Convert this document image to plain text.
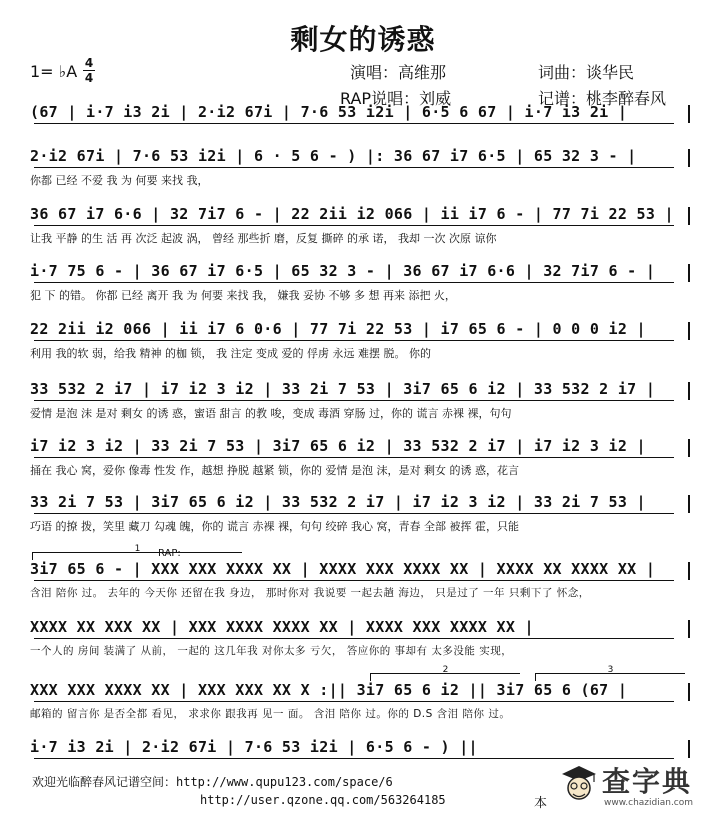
剩女的诱惑
1= ♭A 4
4	演唱：高维那
RAP说唱：刘威
词曲：谈华民
记谱：桃李醉春风
(67 | i·7 i3 2i | 2·i2 67i | 7·6 53 i2i | 6·5 6 67 | i·7 i3 2i |
2·i2 67i | 7·6 53 i2i | 6 · 5 6 - ) |: 36 67 i7 6·5 | 65 32 3 - |
你都 已经 不爱 我 为 何要 来找 我，
36 67 i7 6·6 | 32 7i7 6 - | 22 2ii i2 066 | ii i7 6 - | 77 7i 22 53 |
让我 平静 的生 活 再 次泛 起波 涡， 曾经 那些折 磨，反复 撕碎 的承 诺， 我却 一次 次原 谅你
i·7 75 6 - | 36 67 i7 6·5 | 65 32 3 - | 36 67 i7 6·6 | 32 7i7 6 - |
犯 下 的错。 你都 已经 离开 我 为 何要 来找 我， 嫌我 妥协 不够 多 想 再来 添把 火，
22 2ii i2 066 | ii i7 6 0·6 | 77 7i 22 53 | i7 65 6 - | 0 0 0 i2 |
利用 我的软 弱，给我 精神 的枷 锁， 我 注定 变成 爱的 俘虏 永远 难摆 脱。 你的
33 532 2 i7 | i7 i2 3 i2 | 33 2i 7 53 | 3i7 65 6 i2 | 33 532 2 i7 |
爱情 是泡 沫 是对 剩女 的诱 惑，蜜语 甜言 的教 唆，变成 毒酒 穿肠 过，你的 谎言 赤裸 裸，句句
i7 i2 3 i2 | 33 2i 7 53 | 3i7 65 6 i2 | 33 532 2 i7 | i7 i2 3 i2 |
捅在 我心 窝，爱你 像毒 性发 作，越想 挣脱 越紧 锁，你的 爱情 是泡 沫，是对 剩女 的诱 惑，花言
33 2i 7 53 | 3i7 65 6 i2 | 33 532 2 i7 | i7 i2 3 i2 | 33 2i 7 53 |
巧语 的撩 拨，笑里 藏刀 勾魂 魄，你的 谎言 赤裸 裸，句句 绞碎 我心 窝，青春 全部 被挥 霍，只能
3i7 65 6 - | XXX XXX XXXX XX | XXXX XXX XXXX XX | XXXX XX XXXX XX |
含泪 陪你 过。 去年的 今天你 还留在我 身边， 那时你对 我说要 一起去趟 海边， 只是过了 一年 只剩下了 怀念，
RAP:
1
XXXX XX XXX XX | XXX XXXX XXXX XX | XXXX XXX XXXX XX |
一个人的 房间 装满了 从前， 一起的 这几年我 对你太多 亏欠， 答应你的 事却有 太多没能 实现，
XXX XXX XXXX XX | XXX XXX XX X :|| 3i7 65 6 i2 || 3i7 65 6 (67 |
邮箱的 留言你 是否全都 看见， 求求你 跟我再 见一 面。 含泪 陪你 过。你的 D.S 含泪 陪你 过。
2	3
i·7 i3 2i | 2·i2 67i | 7·6 53 i2i | 6·5 6 - ) ||
欢迎光临醉春风记谱空间：http://www.qupu123.com/space/6
http://user.qzone.qq.com/563264185	本
查字典
www.chazidian.com
